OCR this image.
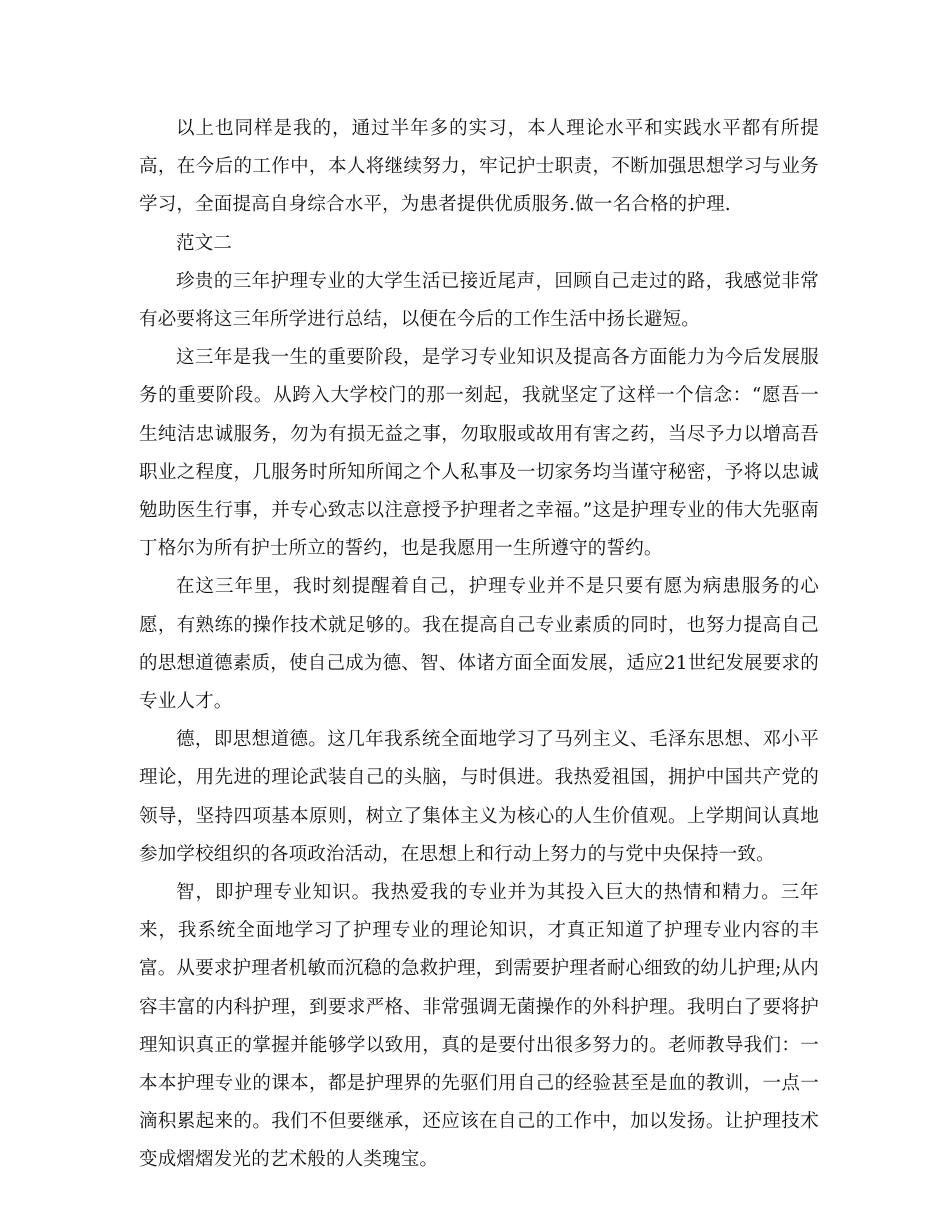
以上也同样是我的，通过半年多的实习，本人理论水平和实践水平都有所提高，在今后的工作中，本人将继续努力，牢记护士职责，不断加强思想学习与业务学习，全面提高自身综合水平，为患者提供优质服务.做一名合格的护理.

范文二

珍贵的三年护理专业的大学生活已接近尾声，回顾自己走过的路，我感觉非常有必要将这三年所学进行总结，以便在今后的工作生活中扬长避短。

这三年是我一生的重要阶段，是学习专业知识及提高各方面能力为今后发展服务的重要阶段。从跨入大学校门的那一刻起，我就坚定了这样一个信念：“愿吾一生纯洁忠诚服务，勿为有损无益之事，勿取服或故用有害之药，当尽予力以增高吾职业之程度，几服务时所知所闻之个人私事及一切家务均当谨守秘密，予将以忠诚勉助医生行事，并专心致志以注意授予护理者之幸福。”这是护理专业的伟大先驱南丁格尔为所有护士所立的誓约，也是我愿用一生所遵守的誓约。

在这三年里，我时刻提醒着自己，护理专业并不是只要有愿为病患服务的心愿，有熟练的操作技术就足够的。我在提高自己专业素质的同时，也努力提高自己的思想道德素质，使自己成为德、智、体诸方面全面发展，适应21世纪发展要求的专业人才。

德，即思想道德。这几年我系统全面地学习了马列主义、毛泽东思想、邓小平理论，用先进的理论武装自己的头脑，与时俱进。我热爱祖国，拥护中国共产党的领导，坚持四项基本原则，树立了集体主义为核心的人生价值观。上学期间认真地参加学校组织的各项政治活动，在思想上和行动上努力的与党中央保持一致。

智，即护理专业知识。我热爱我的专业并为其投入巨大的热情和精力。三年来，我系统全面地学习了护理专业的理论知识，才真正知道了护理专业内容的丰富。从要求护理者机敏而沉稳的急救护理，到需要护理者耐心细致的幼儿护理;从内容丰富的内科护理，到要求严格、非常强调无菌操作的外科护理。我明白了要将护理知识真正的掌握并能够学以致用，真的是要付出很多努力的。老师教导我们：一本本护理专业的课本，都是护理界的先驱们用自己的经验甚至是血的教训，一点一滴积累起来的。我们不但要继承，还应该在自己的工作中，加以发扬。让护理技术变成熠熠发光的艺术般的人类瑰宝。
